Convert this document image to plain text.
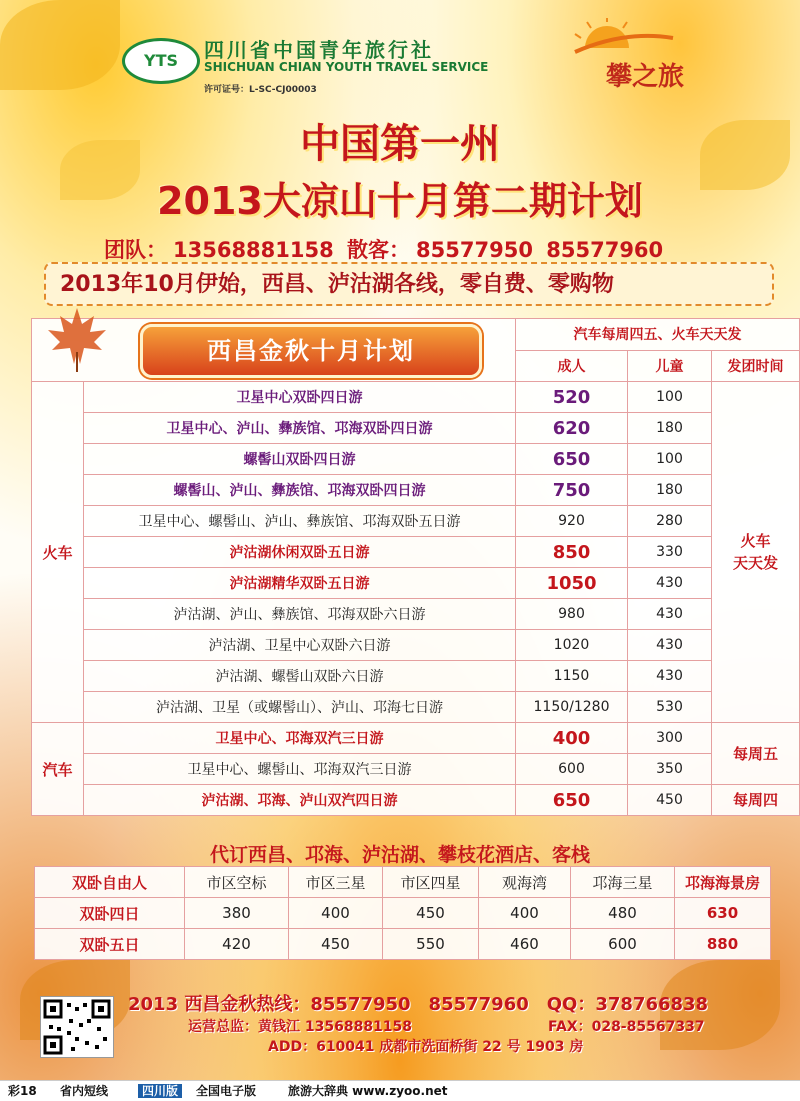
YTS	四川省中国青年旅行社
SHICHUAN CHIAN YOUTH TRAVEL SERVICE
许可证号：L-SC-CJ00003	攀之旅
中国第一州
2013大凉山十月第二期计划
团队： 13568881158 散客： 85577950 85577960
2013年10月伊始，西昌、泸沽湖各线，零自费、零购物
		汽车每周四五、火车天天发		
		成人	儿童	发团时间
火车	卫星中心双卧四日游	520	100	火车
天天发

	卫星中心、泸山、彝族馆、邛海双卧四日游	620	180	
	螺髻山双卧四日游	650	100	
	螺髻山、泸山、彝族馆、邛海双卧四日游	750	180	
	卫星中心、螺髻山、泸山、彝族馆、邛海双卧五日游	920	280	
	泸沽湖休闲双卧五日游	850	330	
	泸沽湖精华双卧五日游	1050	430	
	泸沽湖、泸山、彝族馆、邛海双卧六日游	980	430	
	泸沽湖、卫星中心双卧六日游	1020	430	
	泸沽湖、螺髻山双卧六日游	1150	430	
	泸沽湖、卫星（或螺髻山）、泸山、邛海七日游	1150/1280	530	
汽车	卫星中心、邛海双汽三日游	400	300	每周五
	卫星中心、螺髻山、邛海双汽三日游	600	350	
	泸沽湖、邛海、泸山双汽四日游	650	450	每周四
西昌金秋十月计划
代订西昌、邛海、泸沽湖、攀枝花酒店、客栈
双卧自由人	市区空标	市区三星	市区四星	观海湾	邛海三星	邛海海景房
双卧四日	380	400	450	400	480	630
双卧五日	420	450	550	460	600	880
2013 西昌金秋热线：85577950　85577960　QQ：378766838
运营总监：黄钱江 13568881158	FAX：028-85567337
ADD：610041 成都市洗面桥街 22 号 1903 房
彩18 省内短线	四川版	全国电子版	旅游大辞典 www.zyoo.net
